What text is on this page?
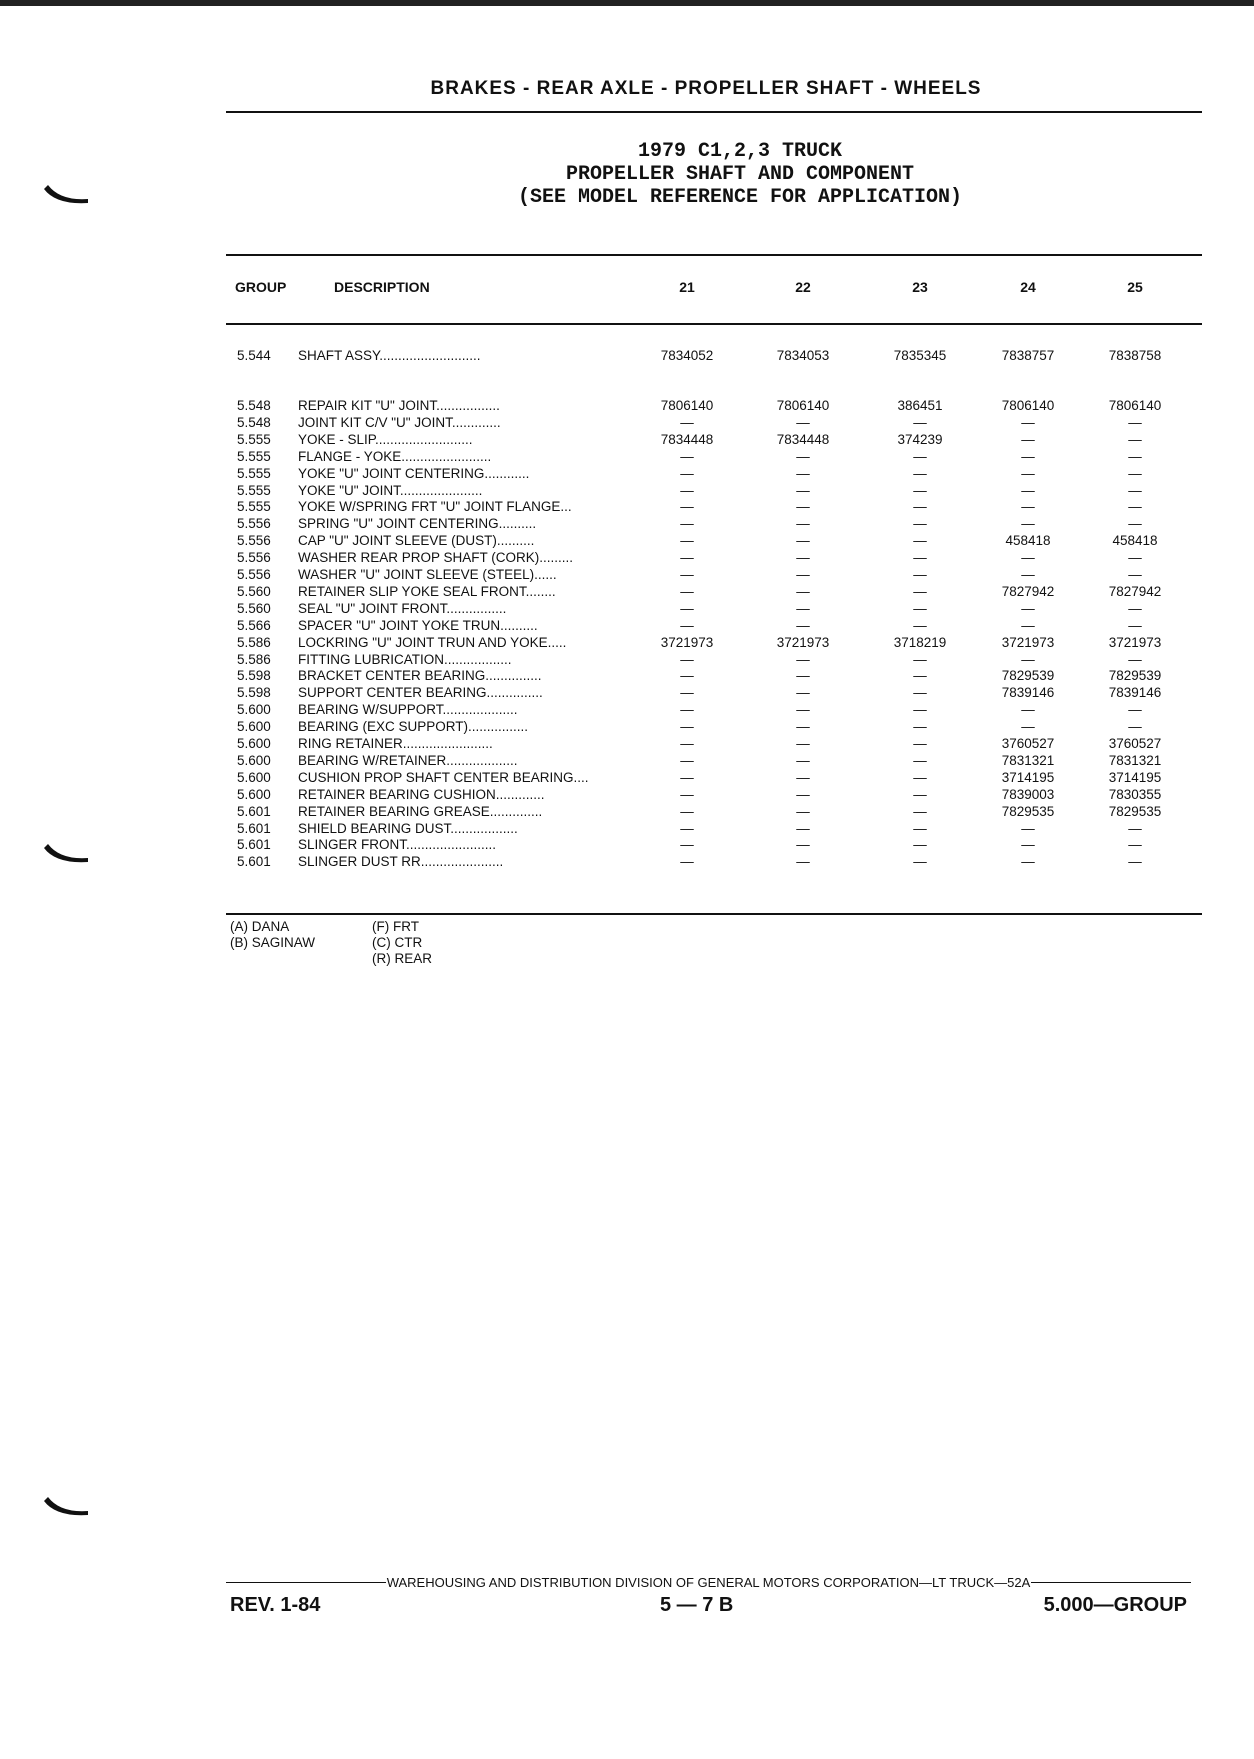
BRAKES - REAR AXLE - PROPELLER SHAFT - WHEELS
1979 C1,2,3 TRUCK
PROPELLER SHAFT AND COMPONENT
(SEE MODEL REFERENCE FOR APPLICATION)
GROUP	DESCRIPTION	21	22	23	24	25
5.544	SHAFT ASSY...........................	7834052	7834053	7835345	7838757	7838758
5.548	REPAIR KIT "U" JOINT.................	7806140	7806140	386451	7806140	7806140
5.548	JOINT KIT C/V "U" JOINT.............	—	—	—	—	—
5.555	YOKE - SLIP..........................	7834448	7834448	374239	—	—
5.555	FLANGE - YOKE........................	—	—	—	—	—
5.555	YOKE "U" JOINT CENTERING............	—	—	—	—	—
5.555	YOKE "U" JOINT......................	—	—	—	—	—
5.555	YOKE W/SPRING FRT "U" JOINT FLANGE...	—	—	—	—	—
5.556	SPRING "U" JOINT CENTERING..........	—	—	—	—	—
5.556	CAP "U" JOINT SLEEVE (DUST)..........	—	—	—	458418	458418
5.556	WASHER REAR PROP SHAFT (CORK).........	—	—	—	—	—
5.556	WASHER "U" JOINT SLEEVE (STEEL)......	—	—	—	—	—
5.560	RETAINER SLIP YOKE SEAL FRONT........	—	—	—	7827942	7827942
5.560	SEAL "U" JOINT FRONT................	—	—	—	—	—
5.566	SPACER "U" JOINT YOKE TRUN..........	—	—	—	—	—
5.586	LOCKRING "U" JOINT TRUN AND YOKE.....	3721973	3721973	3718219	3721973	3721973
5.586	FITTING LUBRICATION..................	—	—	—	—	—
5.598	BRACKET CENTER BEARING...............	—	—	—	7829539	7829539
5.598	SUPPORT CENTER BEARING...............	—	—	—	7839146	7839146
5.600	BEARING W/SUPPORT....................	—	—	—	—	—
5.600	BEARING (EXC SUPPORT)................	—	—	—	—	—
5.600	RING RETAINER........................	—	—	—	3760527	3760527
5.600	BEARING W/RETAINER...................	—	—	—	7831321	7831321
5.600	CUSHION PROP SHAFT CENTER BEARING....	—	—	—	3714195	3714195
5.600	RETAINER BEARING CUSHION.............	—	—	—	7839003	7830355
5.601	RETAINER BEARING GREASE..............	—	—	—	7829535	7829535
5.601	SHIELD BEARING DUST..................	—	—	—	—	—
5.601	SLINGER FRONT........................	—	—	—	—	—
5.601	SLINGER DUST RR......................	—	—	—	—	—
(A) DANA
(B) SAGINAW
(F) FRT
(C) CTR
(R) REAR
WAREHOUSING AND DISTRIBUTION DIVISION OF GENERAL MOTORS CORPORATION—LT TRUCK—52A
REV. 1-84	5 — 7 B	5.000—GROUP
